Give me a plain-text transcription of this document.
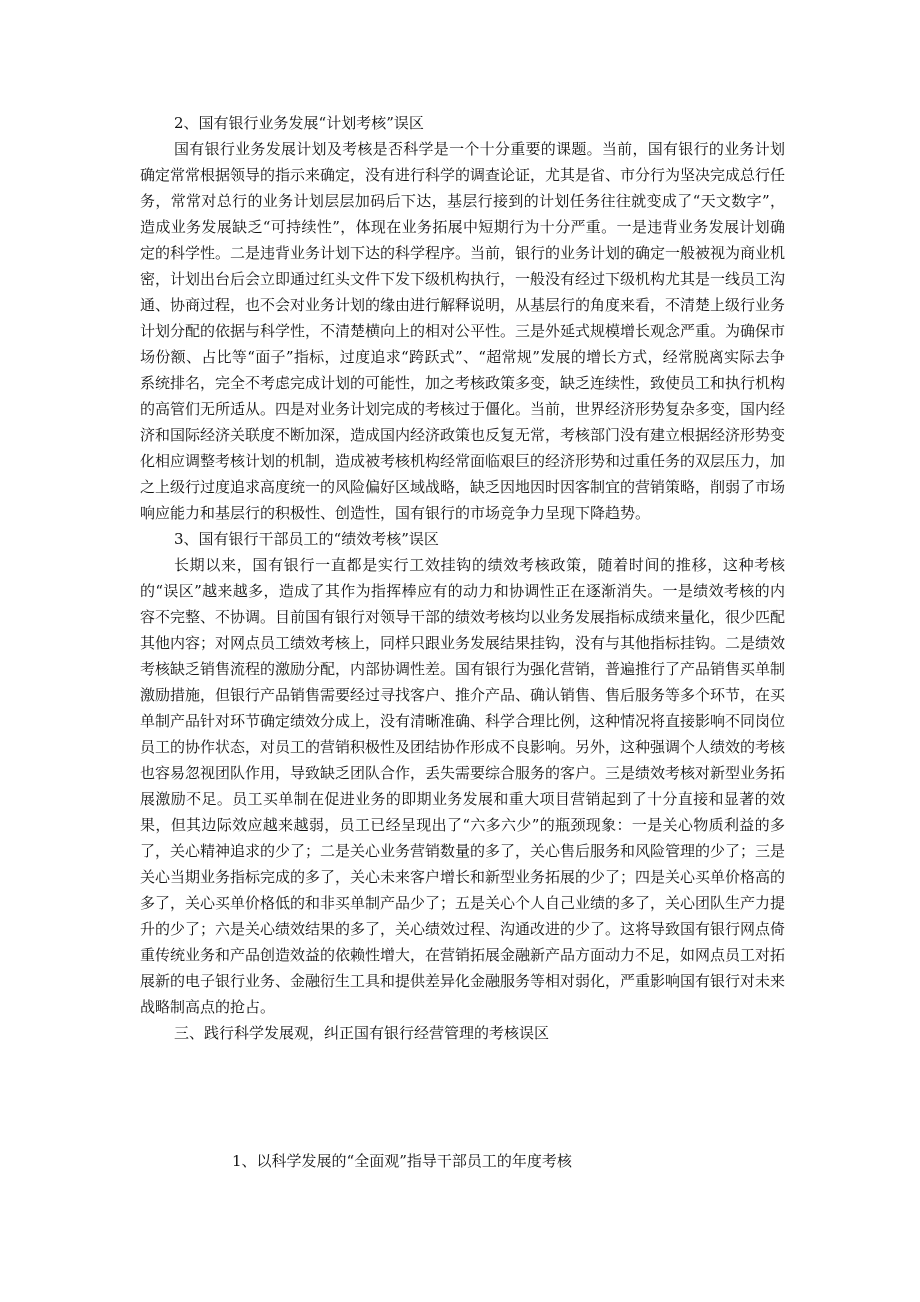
2、国有银行业务发展“计划考核”误区

国有银行业务发展计划及考核是否科学是一个十分重要的课题。当前，国有银行的业务计划确定常常根据领导的指示来确定，没有进行科学的调查论证，尤其是省、市分行为坚决完成总行任务，常常对总行的业务计划层层加码后下达，基层行接到的计划任务往往就变成了“天文数字”，造成业务发展缺乏“可持续性”，体现在业务拓展中短期行为十分严重。一是违背业务发展计划确定的科学性。二是违背业务计划下达的科学程序。当前，银行的业务计划的确定一般被视为商业机密，计划出台后会立即通过红头文件下发下级机构执行，一般没有经过下级机构尤其是一线员工沟通、协商过程，也不会对业务计划的缘由进行解释说明，从基层行的角度来看，不清楚上级行业务计划分配的依据与科学性，不清楚横向上的相对公平性。三是外延式规模增长观念严重。为确保市场份额、占比等“面子”指标，过度追求“跨跃式”、“超常规”发展的增长方式，经常脱离实际去争系统排名，完全不考虑完成计划的可能性，加之考核政策多变，缺乏连续性，致使员工和执行机构的高管们无所适从。四是对业务计划完成的考核过于僵化。当前，世界经济形势复杂多变，国内经济和国际经济关联度不断加深，造成国内经济政策也反复无常，考核部门没有建立根据经济形势变化相应调整考核计划的机制，造成被考核机构经常面临艰巨的经济形势和过重任务的双层压力，加之上级行过度追求高度统一的风险偏好区域战略，缺乏因地因时因客制宜的营销策略，削弱了市场响应能力和基层行的积极性、创造性，国有银行的市场竞争力呈现下降趋势。

3、国有银行干部员工的“绩效考核”误区

长期以来，国有银行一直都是实行工效挂钩的绩效考核政策，随着时间的推移，这种考核的“误区”越来越多，造成了其作为指挥棒应有的动力和协调性正在逐渐消失。一是绩效考核的内容不完整、不协调。目前国有银行对领导干部的绩效考核均以业务发展指标成绩来量化，很少匹配其他内容；对网点员工绩效考核上，同样只跟业务发展结果挂钩，没有与其他指标挂钩。二是绩效考核缺乏销售流程的激励分配，内部协调性差。国有银行为强化营销，普遍推行了产品销售买单制激励措施，但银行产品销售需要经过寻找客户、推介产品、确认销售、售后服务等多个环节，在买单制产品针对环节确定绩效分成上，没有清晰准确、科学合理比例，这种情况将直接影响不同岗位员工的协作状态，对员工的营销积极性及团结协作形成不良影响。另外，这种强调个人绩效的考核也容易忽视团队作用，导致缺乏团队合作，丢失需要综合服务的客户。三是绩效考核对新型业务拓展激励不足。员工买单制在促进业务的即期业务发展和重大项目营销起到了十分直接和显著的效果，但其边际效应越来越弱，员工已经呈现出了“六多六少”的瓶颈现象：一是关心物质利益的多了，关心精神追求的少了；二是关心业务营销数量的多了，关心售后服务和风险管理的少了；三是关心当期业务指标完成的多了，关心未来客户增长和新型业务拓展的少了；四是关心买单价格高的多了，关心买单价格低的和非买单制产品少了；五是关心个人自己业绩的多了，关心团队生产力提升的少了；六是关心绩效结果的多了，关心绩效过程、沟通改进的少了。这将导致国有银行网点倚重传统业务和产品创造效益的依赖性增大，在营销拓展金融新产品方面动力不足，如网点员工对拓展新的电子银行业务、金融衍生工具和提供差异化金融服务等相对弱化，严重影响国有银行对未来战略制高点的抢占。

三、践行科学发展观，纠正国有银行经营管理的考核误区

1、以科学发展的“全面观”指导干部员工的年度考核
